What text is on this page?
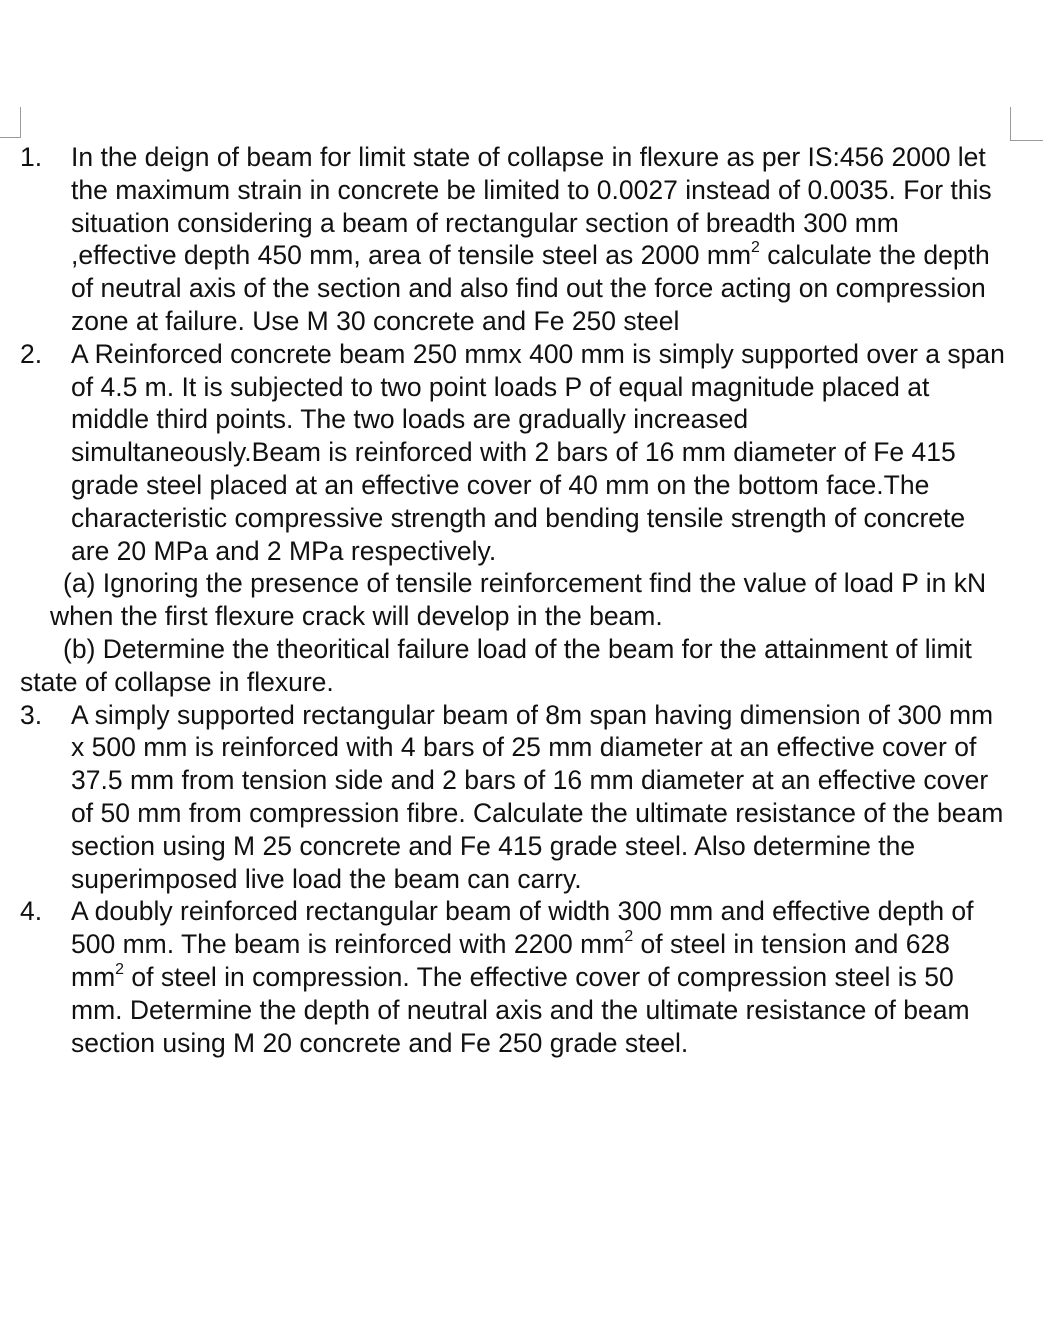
1. In the deign of beam for limit state of collapse in flexure as per IS:456 2000 let the maximum strain in concrete be limited to 0.0027 instead of 0.0035. For this situation considering a beam of rectangular section of breadth 300 mm ,effective depth 450 mm, area of tensile steel as 2000 $mm^2$ calculate the depth of neutral axis of the section and also find out the force acting on compression zone at failure. Use M 30 concrete and Fe 250 steel
2. A Reinforced concrete beam 250 mmx 400 mm is simply supported over a span of 4.5 m. It is subjected to two point loads P of equal magnitude placed at middle third points. The two loads are gradually increased simultaneously.Beam is reinforced with 2 bars of 16 mm diameter of Fe 415 grade steel placed at an effective cover of 40 mm on the bottom face.The characteristic compressive strength and bending tensile strength of concrete are 20 MPa and 2 MPa respectively.
(a) Ignoring the presence of tensile reinforcement find the value of load P in kNwhen the first flexure crack will develop in the beam.
(b) Determine the theoritical failure load of the beam for the attainment of limit state of collapse in flexure.
3. A simply supported rectangular beam of 8m span having dimension of 300 mm x 500 mm is reinforced with 4 bars of 25 mm diameter at an effective cover of 37.5 mm from tension side and 2 bars of 16 mm diameter at an effective cover of 50 mm from compression fibre. Calculate the ultimate resistance of the beam section using M 25 concrete and Fe 415 grade steel. Also determine the superimposed live load the beam can carry.
4. A doubly reinforced rectangular beam of width 300 mm and effective depth of 500 mm. The beam is reinforced with 2200 $mm^2$ of steel in tension and 628 $mm^2$ of steel in compression. The effective cover of compression steel is 50 mm. Determine the depth of neutral axis and the ultimate resistance of beam section using M 20 concrete and Fe 250 grade steel.
